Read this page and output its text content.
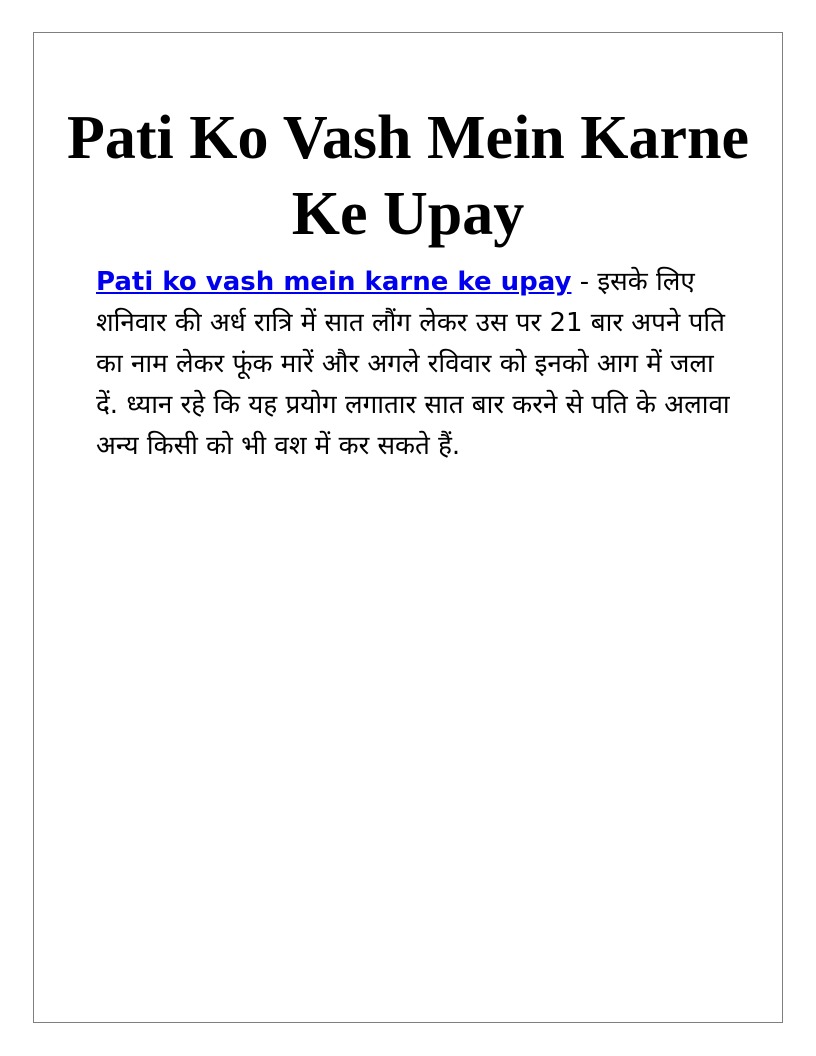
Pati Ko Vash Mein Karne Ke Upay

Pati ko vash mein karne ke upay - इसके लिए शनिवार की अर्ध रात्रि में सात लौंग लेकर उस पर 21 बार अपने पति का नाम लेकर फूंक मारें और अगले रविवार को इनको आग में जला दें. ध्यान रहे कि यह प्रयोग लगातार सात बार करने से पति के अलावा अन्य किसी को भी वश में कर सकते हैं.
